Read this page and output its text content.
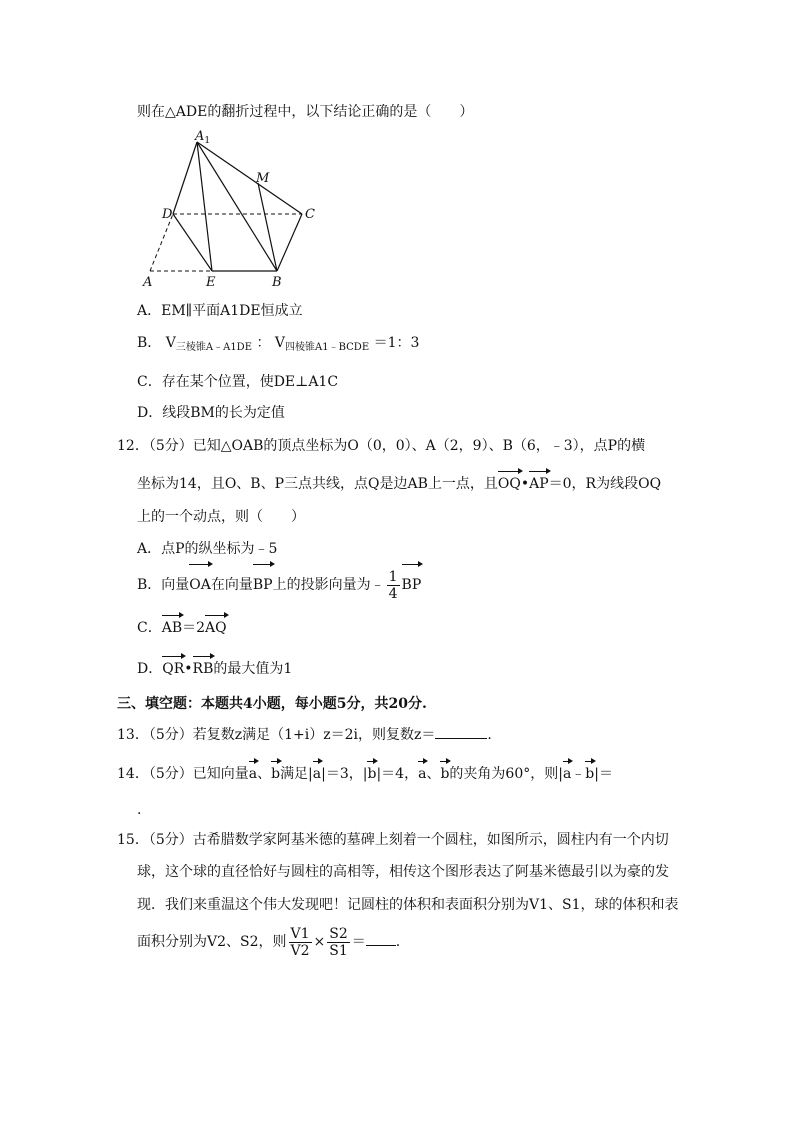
则在△ADE的翻折过程中，以下结论正确的是（　　）
$A_1$
M
D	C
A	E	B
A．EM∥平面A1DE恒成立
B． $V_{三棱锥A﹣A1DE}$ ： $V_{四棱锥A1﹣BCDE} =1$：3
C．存在某个位置，使DE⊥A1C
D．线段BM的长为定值
12．（5分）已知△OAB的顶点坐标为O（0，0）、A（2，9）、B（6，﹣3），点P的横
坐标为14，且O、B、P三点共线，点Q是边AB上一点，且OQ•AP＝0，R为线段OQ
上的一个动点，则（　　）
A．点P的纵坐标为﹣5
B．向量OA在向量BP上的投影向量为﹣ $\frac{1}{4}$ BP
C．AB＝2AQ
D．QR•RB的最大值为1
三、填空题：本题共4小题，每小题5分，共20分.
13．（5分）若复数z满足（1+i）z＝2i，则复数z＝	.
14．（5分）已知向量a、b满足|a|＝3，|b|＝4，a、b的夹角为60°，则|a﹣b|＝
.
15．（5分）古希腊数学家阿基米德的墓碑上刻着一个圆柱，如图所示，圆柱内有一个内切
球，这个球的直径恰好与圆柱的高相等，相传这个图形表达了阿基米德最引以为豪的发
现．我们来重温这个伟大发现吧！记圆柱的体积和表面积分别为V1、S1，球的体积和表
面积分别为V2、S2，则 $\frac{V1}{V2} \times \frac{S2}{S1}$ ＝ .
